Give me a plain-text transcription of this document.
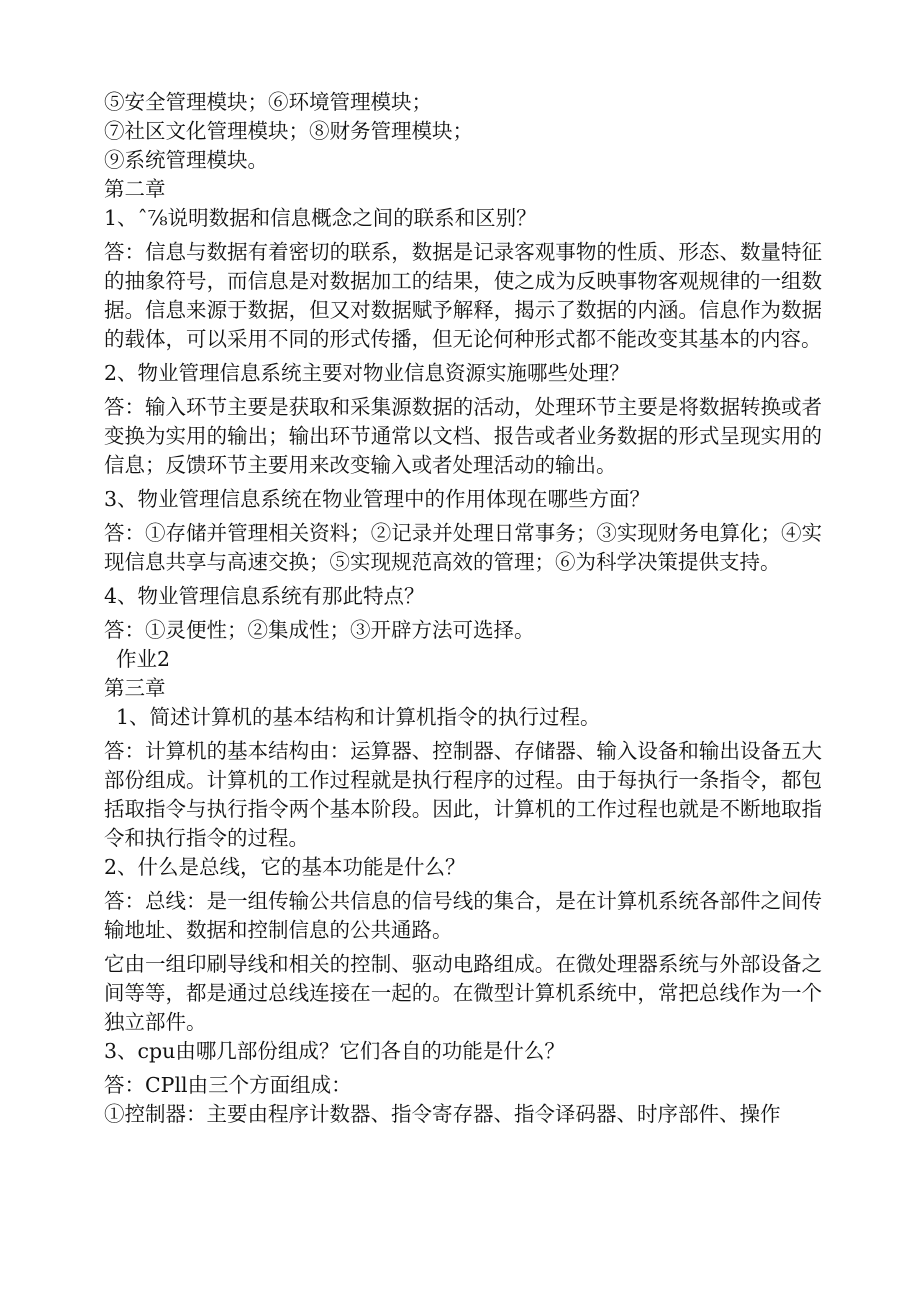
⑤安全管理模块；⑥环境管理模块；
⑦社区文化管理模块；⑧财务管理模块；
⑨系统管理模块。
第二章
1、ˆ⅞说明数据和信息概念之间的联系和区别？
答：信息与数据有着密切的联系，数据是记录客观事物的性质、形态、数量特征的抽象符号，而信息是对数据加工的结果，使之成为反映事物客观规律的一组数据。信息来源于数据，但又对数据赋予解释，揭示了数据的内涵。信息作为数据的载体，可以采用不同的形式传播，但无论何种形式都不能改变其基本的内容。
2、物业管理信息系统主要对物业信息资源实施哪些处理？
答：输入环节主要是获取和采集源数据的活动，处理环节主要是将数据转换或者变换为实用的输出；输出环节通常以文档、报告或者业务数据的形式呈现实用的信息；反馈环节主要用来改变输入或者处理活动的输出。
3、物业管理信息系统在物业管理中的作用体现在哪些方面？
答：①存储并管理相关资料；②记录并处理日常事务；③实现财务电算化；④实现信息共享与高速交换；⑤实现规范高效的管理；⑥为科学决策提供支持。
4、物业管理信息系统有那此特点？
答：①灵便性；②集成性；③开辟方法可选择。
作业2
第三章
1、简述计算机的基本结构和计算机指令的执行过程。
答：计算机的基本结构由：运算器、控制器、存储器、输入设备和输出设备五大部份组成。计算机的工作过程就是执行程序的过程。由于每执行一条指令，都包括取指令与执行指令两个基本阶段。因此，计算机的工作过程也就是不断地取指令和执行指令的过程。
2、什么是总线，它的基本功能是什么？
答：总线：是一组传输公共信息的信号线的集合，是在计算机系统各部件之间传输地址、数据和控制信息的公共通路。
它由一组印刷导线和相关的控制、驱动电路组成。在微处理器系统与外部设备之间等等，都是通过总线连接在一起的。在微型计算机系统中，常把总线作为一个独立部件。
3、cpu由哪几部份组成？它们各自的功能是什么？
答：CPll由三个方面组成：
①控制器：主要由程序计数器、指令寄存器、指令译码器、时序部件、操作
